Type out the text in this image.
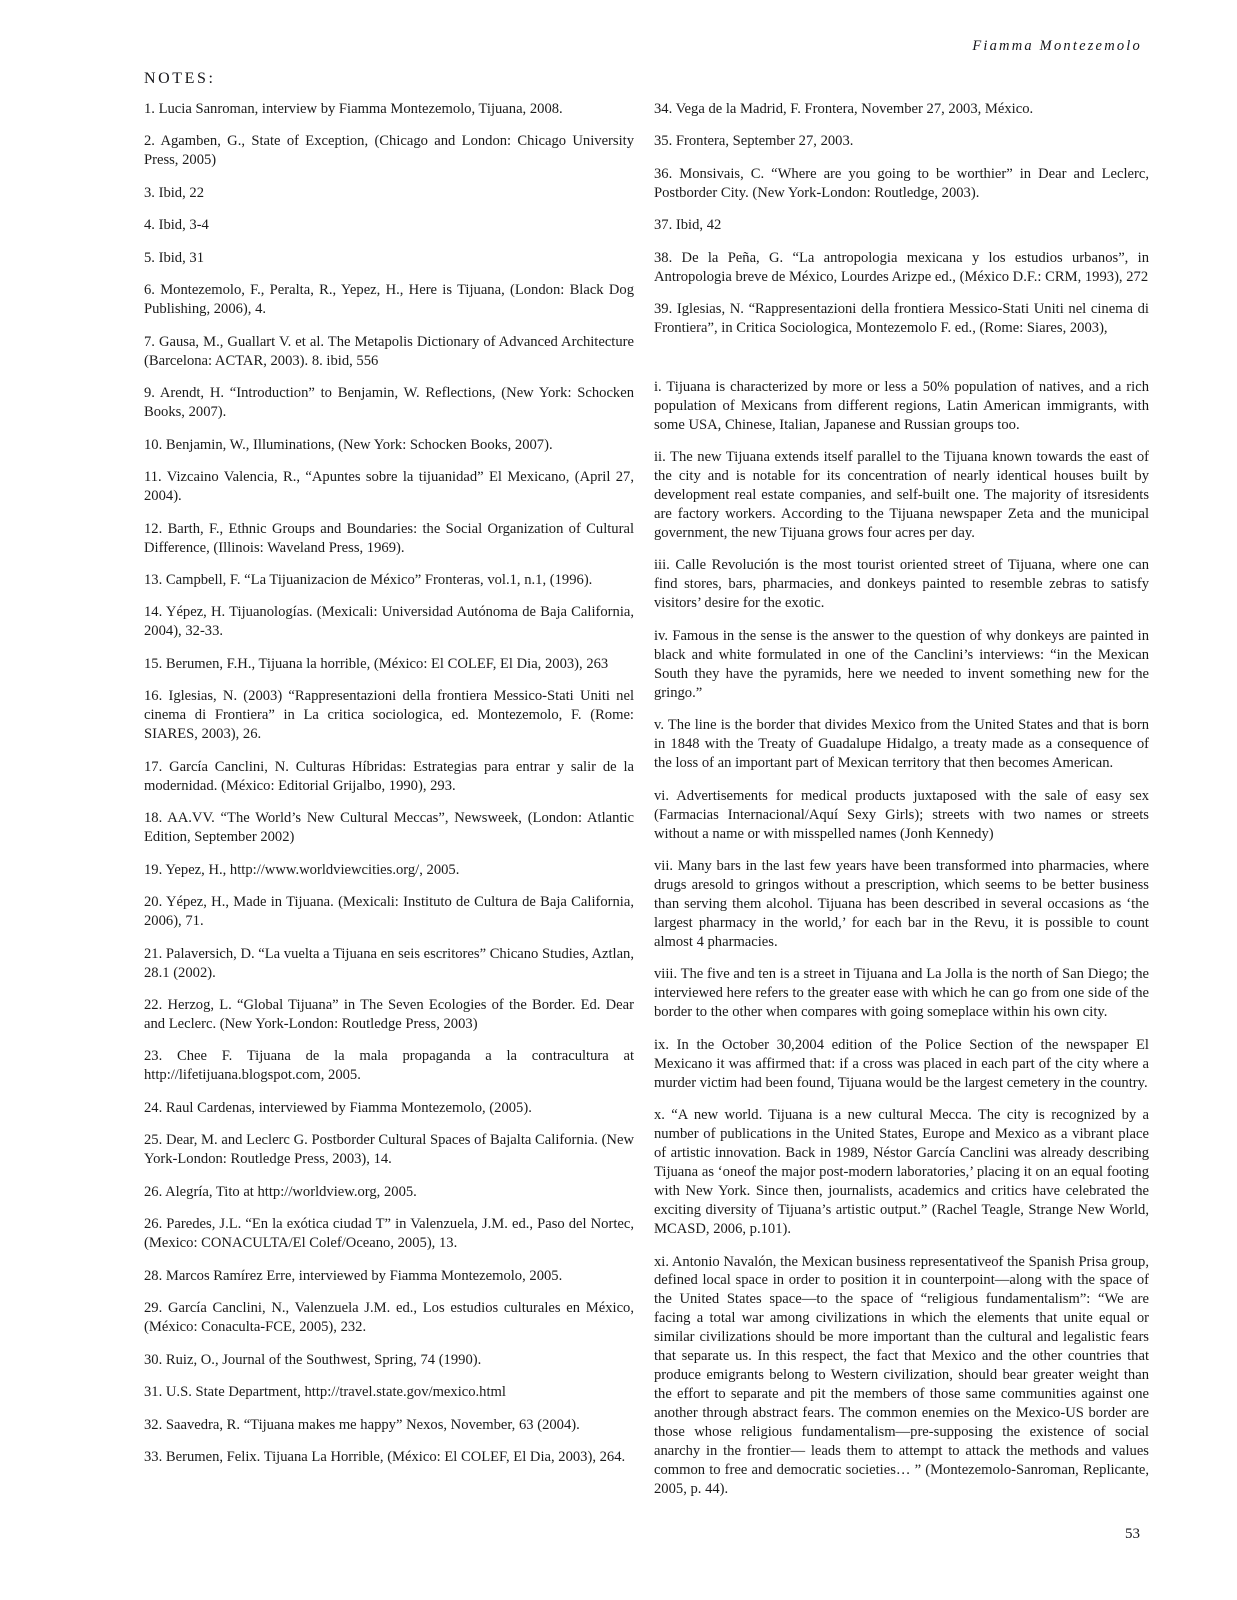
Fiamma Montezemolo
NOTES:

1. Lucia Sanroman, interview by Fiamma Montezemolo, Tijuana, 2008.

2. Agamben, G., State of Exception, (Chicago and London: Chicago University Press, 2005)

3. Ibid, 22

4. Ibid, 3-4

5. Ibid, 31

6. Montezemolo, F., Peralta, R., Yepez, H., Here is Tijuana, (London: Black Dog Publishing, 2006), 4.

7. Gausa, M., Guallart V. et al. The Metapolis Dictionary of Advanced Architecture (Barcelona: ACTAR, 2003). 8. ibid, 556

9. Arendt, H. “Introduction” to Benjamin, W. Reflections, (New York: Schocken Books, 2007).

10. Benjamin, W., Illuminations, (New York: Schocken Books, 2007).

11. Vizcaino Valencia, R., “Apuntes sobre la tijuanidad” El Mexicano, (April 27, 2004).

12. Barth, F., Ethnic Groups and Boundaries: the Social Organization of Cultural Difference, (Illinois: Waveland Press, 1969).

13. Campbell, F. “La Tijuanizacion de México” Fronteras, vol.1, n.1, (1996).

14. Yépez, H. Tijuanologías. (Mexicali: Universidad Autónoma de Baja California, 2004), 32-33.

15. Berumen, F.H., Tijuana la horrible, (México: El COLEF, El Dia, 2003), 263

16. Iglesias, N. (2003) “Rappresentazioni della frontiera Messico-Stati Uniti nel cinema di Frontiera” in La critica sociologica, ed. Montezemolo, F. (Rome: SIARES, 2003), 26.

17. García Canclini, N. Culturas Híbridas: Estrategias para entrar y salir de la modernidad. (México: Editorial Grijalbo, 1990), 293.

18. AA.VV. “The World’s New Cultural Meccas”, Newsweek, (London: Atlantic Edition, September 2002)

19. Yepez, H., http://www.worldviewcities.org/, 2005.

20. Yépez, H., Made in Tijuana. (Mexicali: Instituto de Cultura de Baja California, 2006), 71.

21. Palaversich, D. “La vuelta a Tijuana en seis escritores” Chicano Studies, Aztlan, 28.1 (2002).

22. Herzog, L. “Global Tijuana” in The Seven Ecologies of the Border. Ed. Dear and Leclerc. (New York-London: Routledge Press, 2003)

23. Chee F. Tijuana de la mala propaganda a la contracultura at http://lifetijuana.blogspot.com, 2005.

24. Raul Cardenas, interviewed by Fiamma Montezemolo, (2005).

25. Dear, M. and Leclerc G. Postborder Cultural Spaces of Bajalta California. (New York-London: Routledge Press, 2003), 14.

26. Alegría, Tito at http://worldview.org, 2005.

26. Paredes, J.L. “En la exótica ciudad T” in Valenzuela, J.M. ed., Paso del Nortec, (Mexico: CONACULTA/El Colef/Oceano, 2005), 13.

28. Marcos Ramírez Erre, interviewed by Fiamma Montezemolo, 2005.

29. García Canclini, N., Valenzuela J.M. ed., Los estudios culturales en México, (México: Conaculta-FCE, 2005), 232.

30. Ruiz, O., Journal of the Southwest, Spring, 74 (1990).

31. U.S. State Department, http://travel.state.gov/mexico.html

32. Saavedra, R. “Tijuana makes me happy” Nexos, November, 63 (2004).

33. Berumen, Felix. Tijuana La Horrible, (México: El COLEF, El Dia, 2003), 264.

34. Vega de la Madrid, F. Frontera, November 27, 2003, México.

35. Frontera, September 27, 2003.

36. Monsivais, C. “Where are you going to be worthier” in Dear and Leclerc, Postborder City. (New York-London: Routledge, 2003).

37. Ibid, 42

38. De la Peña, G. “La antropologia mexicana y los estudios urbanos”, in Antropologia breve de México, Lourdes Arizpe ed., (México D.F.: CRM, 1993), 272

39. Iglesias, N. “Rappresentazioni della frontiera Messico-Stati Uniti nel cinema di Frontiera”, in Critica Sociologica, Montezemolo F. ed., (Rome: Siares, 2003),

i. Tijuana is characterized by more or less a 50% population of natives, and a rich population of Mexicans from different regions, Latin American immigrants, with some USA, Chinese, Italian, Japanese and Russian groups too.

ii. The new Tijuana extends itself parallel to the Tijuana known towards the east of the city and is notable for its concentration of nearly identical houses built by development real estate companies, and self-built one. The majority of itsresidents are factory workers. According to the Tijuana newspaper Zeta and the municipal government, the new Tijuana grows four acres per day.

iii. Calle Revolución is the most tourist oriented street of Tijuana, where one can find stores, bars, pharmacies, and donkeys painted to resemble zebras to satisfy visitors’ desire for the exotic.

iv. Famous in the sense is the answer to the question of why donkeys are painted in black and white formulated in one of the Canclini’s interviews: “in the Mexican South they have the pyramids, here we needed to invent something new for the gringo.”

v. The line is the border that divides Mexico from the United States and that is born in 1848 with the Treaty of Guadalupe Hidalgo, a treaty made as a consequence of the loss of an important part of Mexican territory that then becomes American.

vi. Advertisements for medical products juxtaposed with the sale of easy sex (Farmacias Internacional/Aquí Sexy Girls); streets with two names or streets without a name or with misspelled names (Jonh Kennedy)

vii. Many bars in the last few years have been transformed into pharmacies, where drugs aresold to gringos without a prescription, which seems to be better business than serving them alcohol. Tijuana has been described in several occasions as ‘the largest pharmacy in the world,’ for each bar in the Revu, it is possible to count almost 4 pharmacies.

viii. The five and ten is a street in Tijuana and La Jolla is the north of San Diego; the interviewed here refers to the greater ease with which he can go from one side of the border to the other when compares with going someplace within his own city.

ix. In the October 30,2004 edition of the Police Section of the newspaper El Mexicano it was affirmed that: if a cross was placed in each part of the city where a murder victim had been found, Tijuana would be the largest cemetery in the country.

x. “A new world. Tijuana is a new cultural Mecca. The city is recognized by a number of publications in the United States, Europe and Mexico as a vibrant place of artistic innovation. Back in 1989, Néstor García Canclini was already describing Tijuana as ‘oneof the major post-modern laboratories,’ placing it on an equal footing with New York. Since then, journalists, academics and critics have celebrated the exciting diversity of Tijuana’s artistic output.” (Rachel Teagle, Strange New World, MCASD, 2006, p.101).

xi. Antonio Navalón, the Mexican business representativeof the Spanish Prisa group, defined local space in order to position it in counterpoint—along with the space of the United States space—to the space of “religious fundamentalism”: “We are facing a total war among civilizations in which the elements that unite equal or similar civilizations should be more important than the cultural and legalistic fears that separate us. In this respect, the fact that Mexico and the other countries that produce emigrants belong to Western civilization, should bear greater weight than the effort to separate and pit the members of those same communities against one another through abstract fears. The common enemies on the Mexico-US border are those whose religious fundamentalism—pre-supposing the existence of social anarchy in the frontier— leads them to attempt to attack the methods and values common to free and democratic societies… ” (Montezemolo-Sanroman, Replicante, 2005, p. 44).

53
